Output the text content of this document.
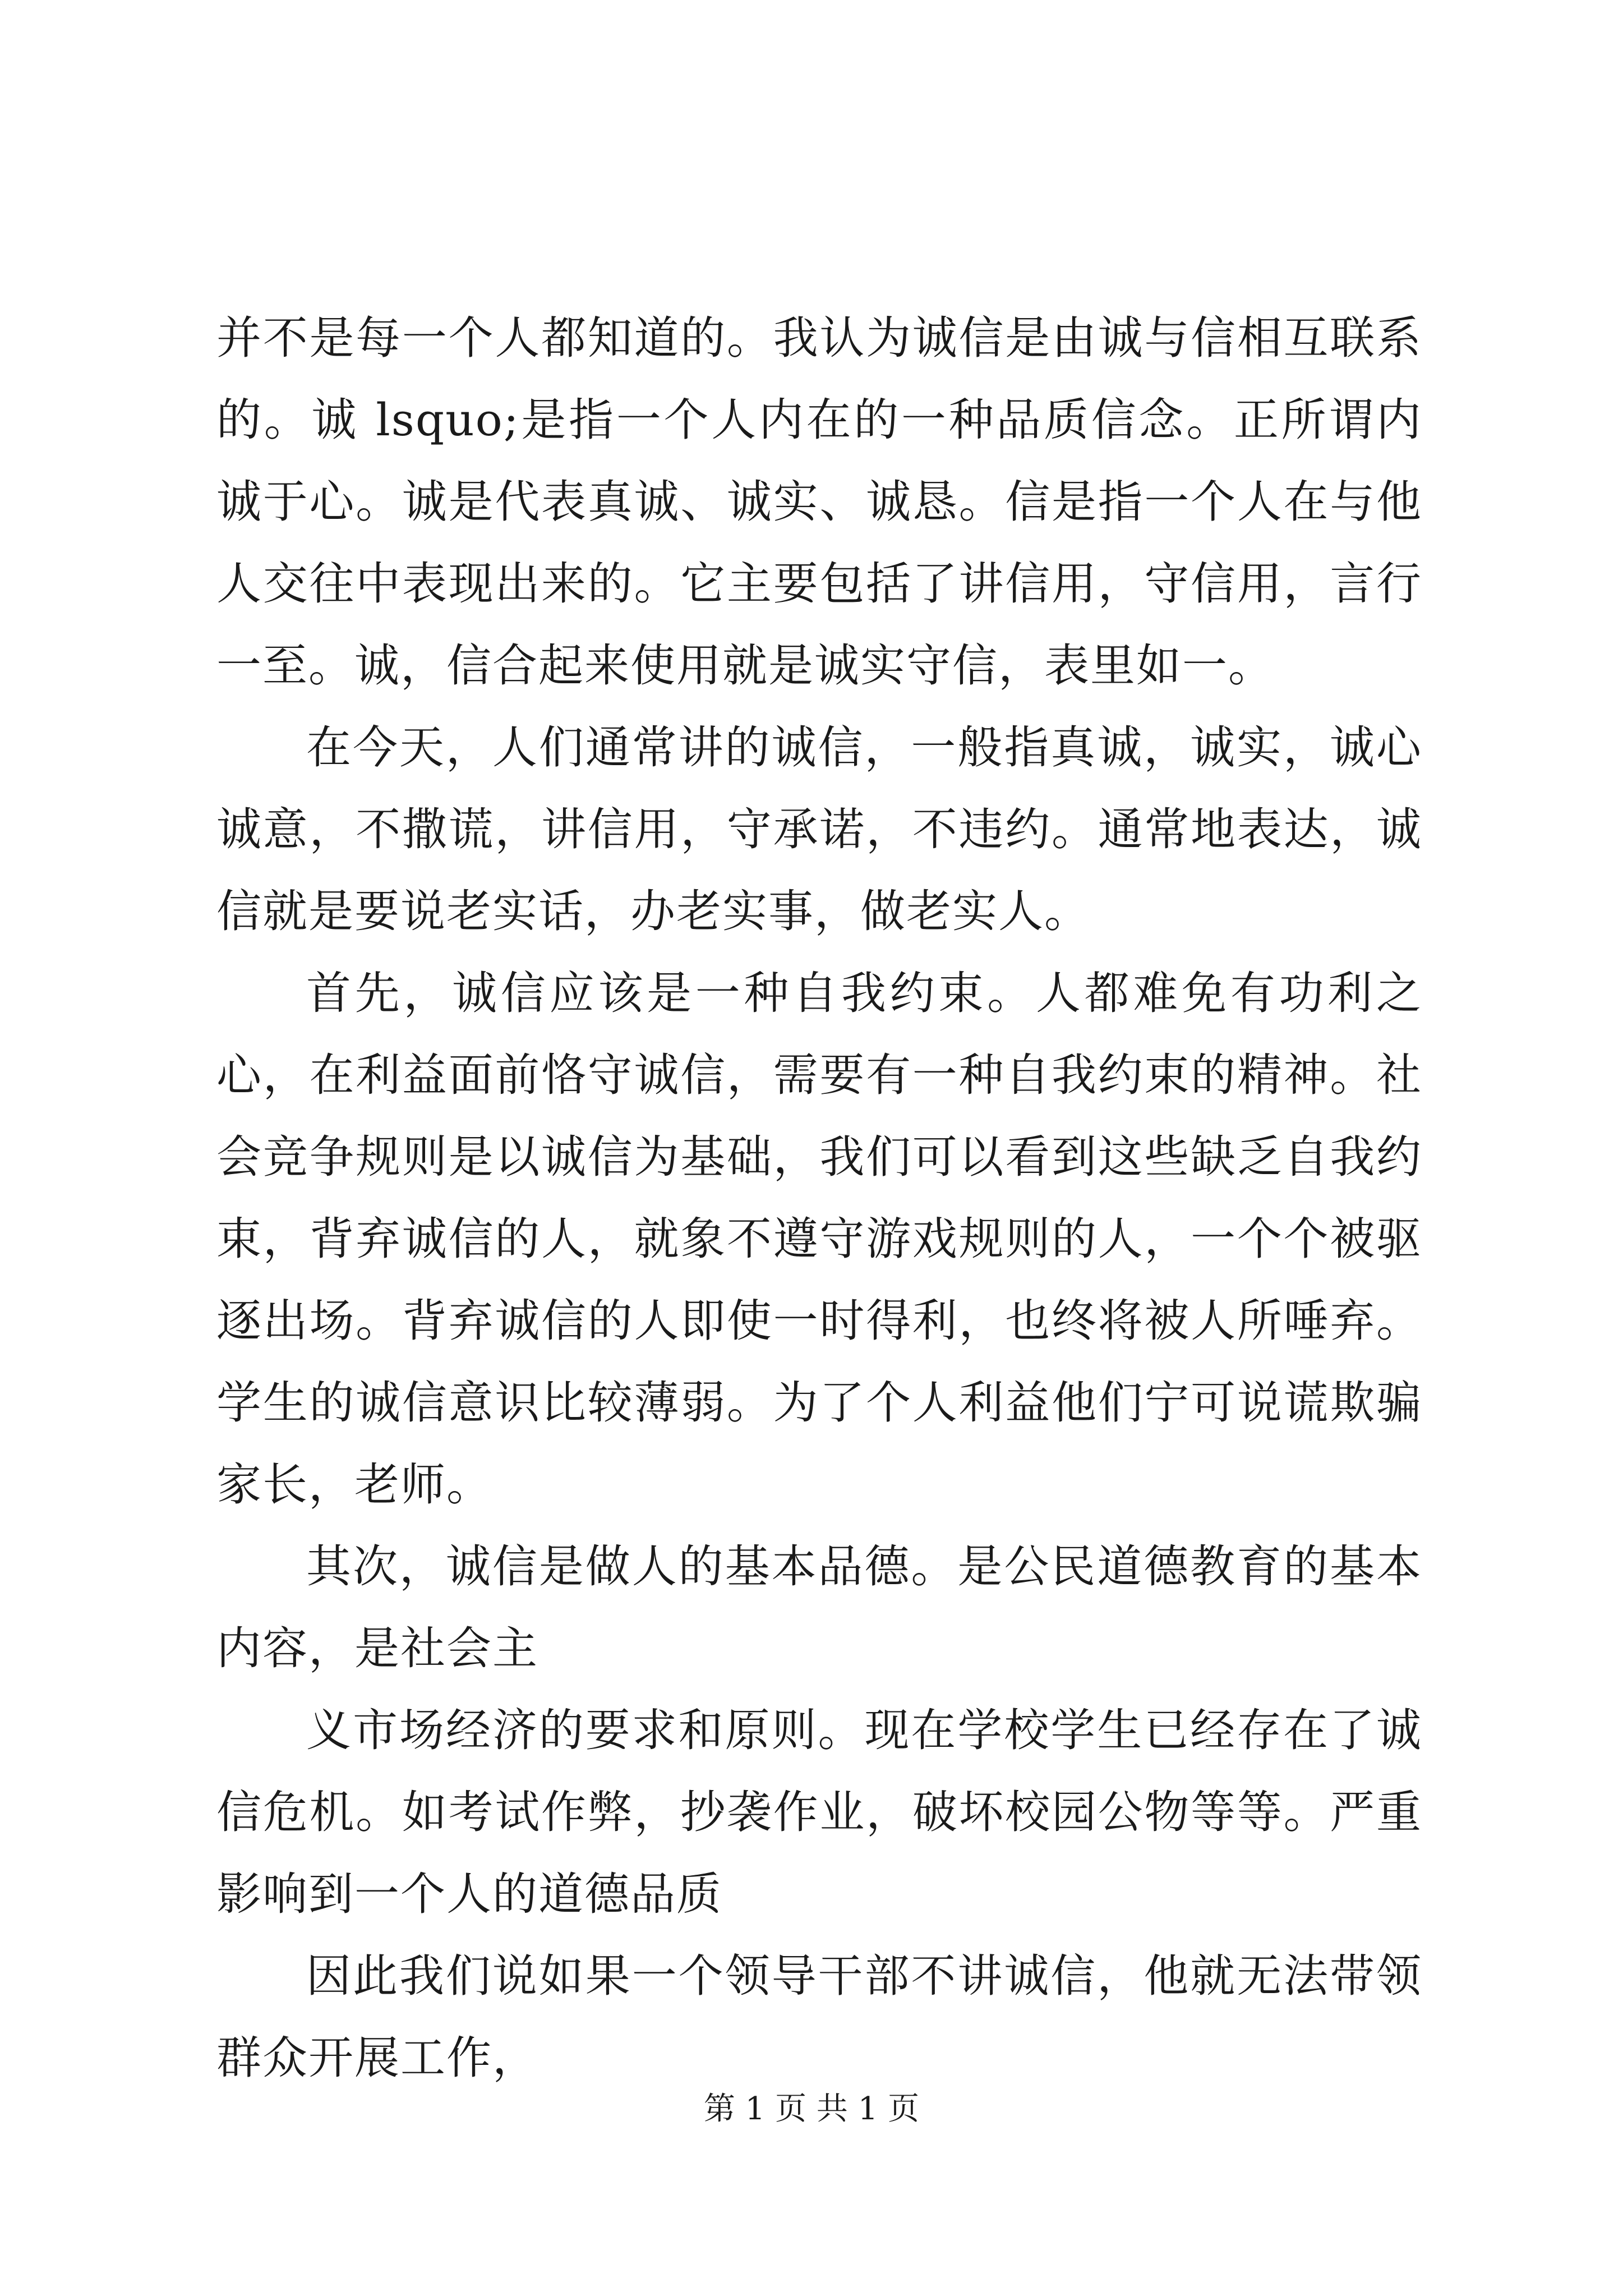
并不是每一个人都知道的。我认为诚信是由诚与信相互联系的。诚 lsquo;是指一个人内在的一种品质信念。正所谓内诚于心。诚是代表真诚、诚实、诚恳。信是指一个人在与他人交往中表现出来的。它主要包括了讲信用，守信用，言行一至。诚，信合起来使用就是诚实守信，表里如一。

在今天，人们通常讲的诚信，一般指真诚，诚实，诚心诚意，不撒谎，讲信用，守承诺，不违约。通常地表达，诚信就是要说老实话，办老实事，做老实人。

首先，诚信应该是一种自我约束。人都难免有功利之心，在利益面前恪守诚信，需要有一种自我约束的精神。社会竞争规则是以诚信为基础，我们可以看到这些缺乏自我约束，背弃诚信的人，就象不遵守游戏规则的人，一个个被驱逐出场。背弃诚信的人即使一时得利，也终将被人所唾弃。学生的诚信意识比较薄弱。为了个人利益他们宁可说谎欺骗家长，老师。

其次，诚信是做人的基本品德。是公民道德教育的基本内容，是社会主

义市场经济的要求和原则。现在学校学生已经存在了诚信危机。如考试作弊，抄袭作业，破坏校园公物等等。严重影响到一个人的道德品质

因此我们说如果一个领导干部不讲诚信，他就无法带领群众开展工作，

第 1 页 共 1 页
